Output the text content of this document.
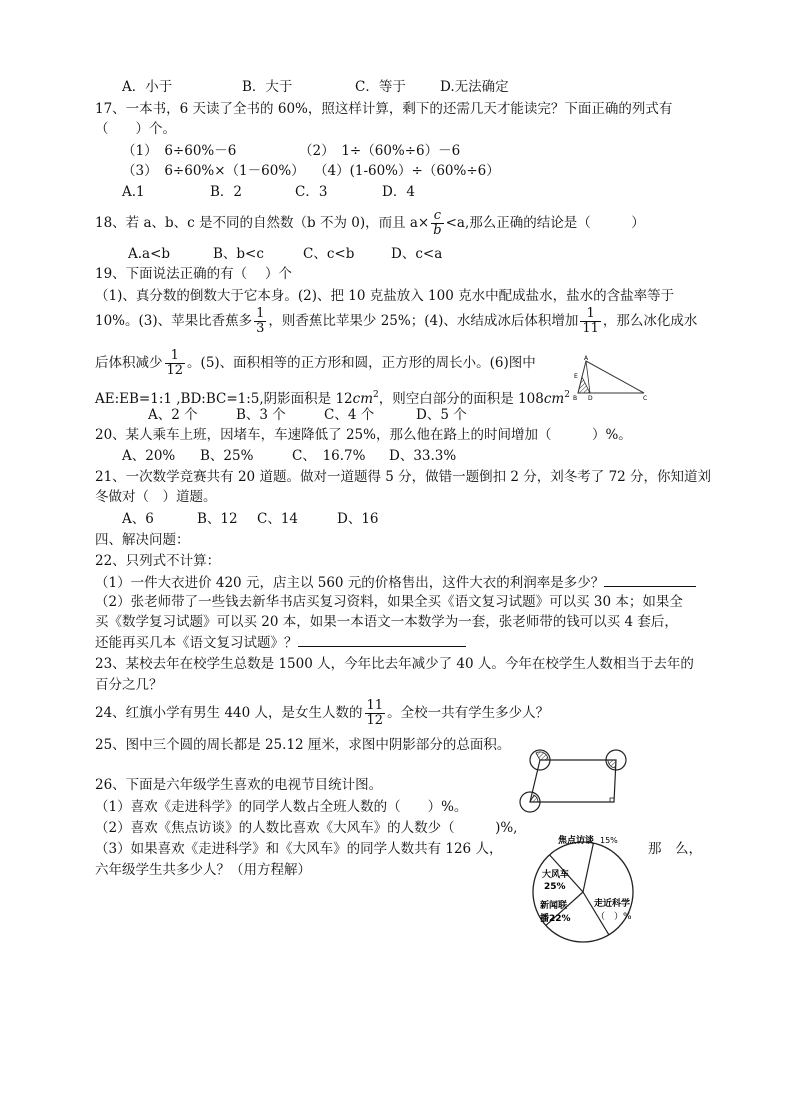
A．小于	B．大于	C．等于	D.无法确定
17、一本书，6 天读了全书的 60%，照这样计算，剩下的还需几天才能读完？下面正确的列式有
（　　）个。
（1）　6÷60%－6	（2）　1÷（60%÷6）－6
（3）　6÷60%×（1－60%） （4）(1-60%）÷（60%÷6）
A.1	B．2	C．3	D．4
18、若 a、b、c 是不同的自然数（b 不为 0)，而且 $a\times \frac{c}{b} <a$,那么正确的结论是（　　　）
A.a<b	B、b<c	C、c<b	D、c<a
19、下面说法正确的有（　 ）个
（1)、真分数的倒数大于它本身。(2)、把 10 克盐放入 100 克水中配成盐水，盐水的含盐率等于
10%。(3)、苹果比香蕉多 $\frac{1}{3}$ ，则香蕉比苹果少 25%；(4)、水结成冰后体积增加 $\frac{1}{11}$ ，那么冰化成水
后体积减少 $\frac{1}{12}$ 。(5)、面积相等的正方形和圆，正方形的周长小。(6)图中
AE:EB=1:1 ,BD:BC=1:5,阴影面积是 $12cm^2$，则空白部分的面积是 $108cm^2$
A、2 个	B、3 个	C、4 个	D、5 个
A
E
B D	C
20、某人乘车上班，因堵车，车速降低了 25%，那么他在路上的时间增加（　　　）%。
A、20% B、25%	C、　16.7% D、33.3%
21、一次数学竞赛共有 20 道题。做对一道题得 5 分，做错一题倒扣 2 分，刘冬考了 72 分，你知道刘
冬做对（　）道题。
A、6	B、12 C、14	D、16
四、解决问题：
22、只列式不计算：
（1）一件大衣进价 420 元，店主以 560 元的价格售出，这件大衣的利润率是多少？
（2）张老师带了一些钱去新华书店买复习资料，如果全买《语文复习试题》可以买 30 本；如果全
买《数学复习试题》可以买 20 本，如果一本语文一本数学为一套，张老师带的钱可以买 4 套后，
还能再买几本《语文复习试题》？
23、某校去年在校学生总数是 1500 人，今年比去年减少了 40 人。今年在校学生人数相当于去年的
百分之几？
24、红旗小学有男生 440 人，是女生人数的 $\frac{11}{12}$ 。全校一共有学生多少人？
25、图中三个圆的周长都是 25.12 厘米，求图中阴影部分的总面积。
26、下面是六年级学生喜欢的电视节目统计图。
（1）喜欢《走进科学》的同学人数占全班人数的（　　）%。
（2）喜欢《焦点访谈》的人数比喜欢《大风车》的人数少（　　　)%,
（3）如果喜欢《走进科学》和《大风车》的同学人数共有 126 人，	那　么，
六年级学生共多少人？（用方程解）
焦点访谈 15%
大风车
25%
新闻联
播22%
走近科学
（　）%
